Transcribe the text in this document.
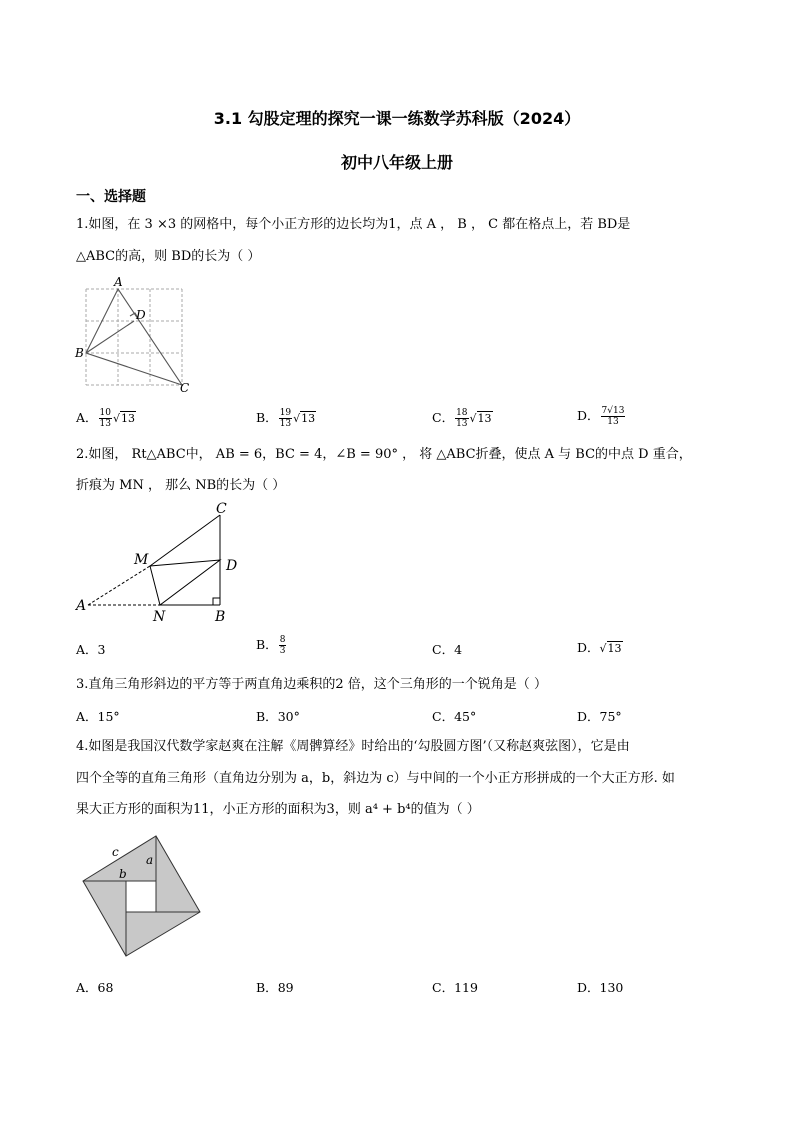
3.1 勾股定理的探究一课一练数学苏科版（2024）
初中八年级上册
一、选择题
1.如图，在 3 ×3 的网格中，每个小正方形的边长均为1，点 A ， B ， C 都在格点上，若 BD是
△ABC的高，则 BD的长为（ ）
A
D
B
C
A． $\frac{10}{13} √13$	B． $\frac{19}{13} √13$	C． $\frac{18}{13} √13$	D． $\frac{7√13}{13}$
2.如图， Rt△ABC中， AB = 6，BC = 4，∠B = 90° ， 将 △ABC折叠，使点 A 与 BC的中点 D 重合，
折痕为 MN ， 那么 NB的长为（ ）
C
M	D
A
N	B
A．3	B． $\frac{8}{3}$	C．4	D．√13
3.直角三角形斜边的平方等于两直角边乘积的2 倍，这个三角形的一个锐角是（ ）
A．15°	B．30°	C．45°	D．75°
4.如图是我国汉代数学家赵爽在注解《周髀算经》时给出的‘勾股圆方图’（又称赵爽弦图），它是由
四个全等的直角三角形（直角边分别为 a，b，斜边为 c）与中间的一个小正方形拼成的一个大正方形. 如
果大正方形的面积为11，小正方形的面积为3，则 a⁴ + b⁴的值为（ ）
c
a
b
A．68	B．89	C．119	D．130
